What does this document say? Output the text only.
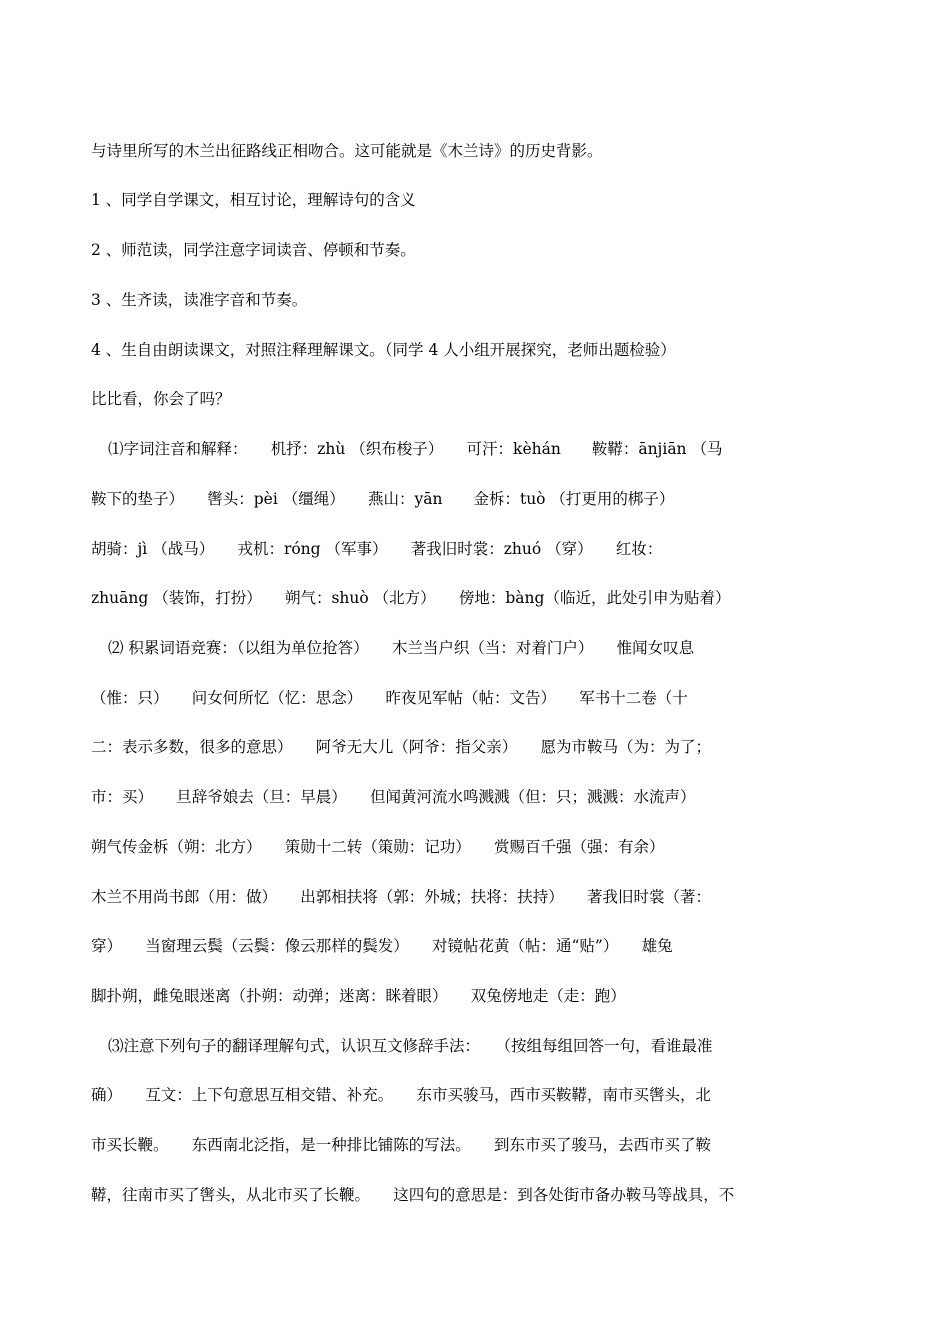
与诗里所写的木兰出征路线正相吻合。这可能就是《木兰诗》的历史背影。
1 、同学自学课文，相互讨论，理解诗句的含义
2 、师范读，同学注意字词读音、停顿和节奏。
3 、生齐读，读准字音和节奏。
4 、生自由朗读课文，对照注释理解课文。（同学 4 人小组开展探究，老师出题检验）
比比看，你会了吗？
⑴字词注音和解释：　　机抒：zhù （织布梭子）　　可汗：kèhán　　鞍鞯：ānjiān （马
鞍下的垫子）　　辔头：pèi （缰绳）　　燕山：yān　　金柝：tuò （打更用的梆子）
胡骑：jì （战马）　　戎机：róng （军事）　　著我旧时裳：zhuó （穿）　　红妆：
zhuāng （装饰，打扮）　　朔气：shuò （北方）　　傍地：bàng（临近，此处引申为贴着）
⑵ 积累词语竞赛：（以组为单位抢答）　　木兰当户织（当：对着门户）　　惟闻女叹息
（惟：只）　　问女何所忆（忆：思念）　　昨夜见军帖（帖：文告）　　军书十二卷（十
二：表示多数，很多的意思）　　阿爷无大儿（阿爷：指父亲）　　愿为市鞍马（为：为了；
市：买）　　旦辞爷娘去（旦：早晨）　　但闻黄河流水鸣溅溅（但：只；溅溅：水流声）
朔气传金柝（朔：北方）　　策勋十二转（策勋：记功）　　赏赐百千强（强：有余）
木兰不用尚书郎（用：做）　　出郭相扶将（郭：外城；扶将：扶持）　　著我旧时裳（著：
穿）　　当窗理云鬓（云鬓：像云那样的鬓发）　　对镜帖花黄（帖：通“贴”）　　雄兔
脚扑朔，雌兔眼迷离（扑朔：动弹；迷离：眯着眼）　　双兔傍地走（走：跑）
⑶注意下列句子的翻译理解句式，认识互文修辞手法：　　（按组每组回答一句，看谁最准
确）　　互文：上下句意思互相交错、补充。　　东市买骏马，西市买鞍鞯，南市买辔头，北
市买长鞭。　　东西南北泛指，是一种排比铺陈的写法。　　到东市买了骏马，去西市买了鞍
鞯，往南市买了辔头，从北市买了长鞭。　　这四句的意思是：到各处街市备办鞍马等战具，不
